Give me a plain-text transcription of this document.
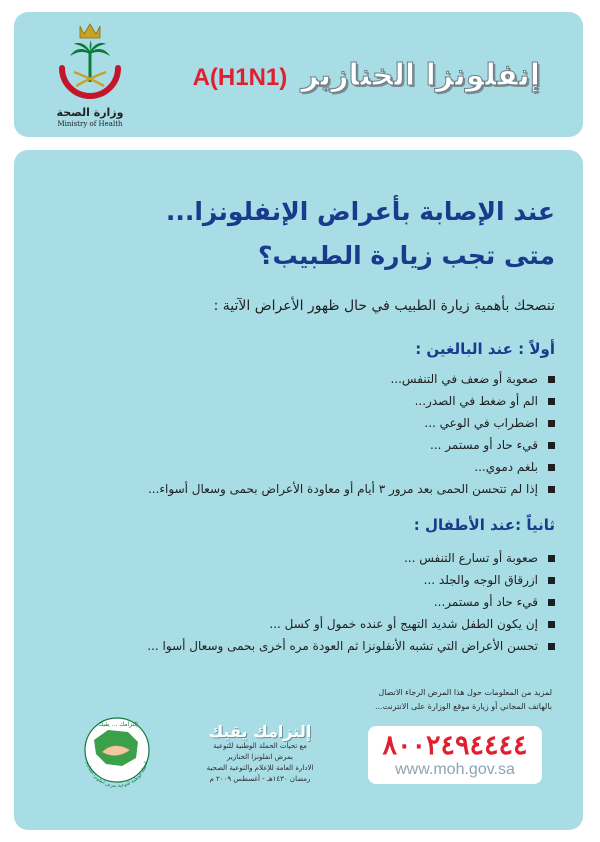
وزارة الصحة
Ministry of Health
إنفلونزا الخنازيرA(H1N1)
عند الإصابة بأعراض الإنفلونزا...
متى تجب زيارة الطبيب؟
ننصحك بأهمية زيارة الطبيب في حال ظهور الأعراض الآتية :
أولاً : عند البالغين :
صعوبة أو ضعف في التنفس...
الم أو ضغط في الصدر...
اضطراب في الوعي ...
قيء حاد أو مستمر ...
بلغم دموي...
إذا لم تتحسن الحمى بعد مرور ٣ أيام أو معاودة الأعراض بحمى وسعال أسواء...
ثانياً :عند الأطفال :
صعوبة أو تسارع التنفس ...
ازرقاق الوجه والجلد ...
قيء حاد أو مستمر...
إن يكون الطفل شديد التهيج أو عنده خمول أو كسل ...
تحسن الأعراض التي تشبه الأنفلونزا ثم العودة مره أخرى بحمى وسعال أسوا ...
لمزيد من المعلومات حول هذا المرض الرجاء الاتصال
بالهاتف المجاني أو زيارة موقع الوزارة على الانترنت...
٨٠٠٢٤٩٤٤٤٤
www.moh.gov.sa
إلتزامك يقيك
مع تحيات الحملة الوطنية للتوعية
بمرض انفلونزا الخنازير
الادارة العامة للإعلام والتوعية الصحية
رمضان ١٤٣٠هـ - أغسطس ٢٠٠٩ م
إلتزامك ... يقيك
الحملة الوطنية للتوعية بمرض انفلونزا الخنازير
